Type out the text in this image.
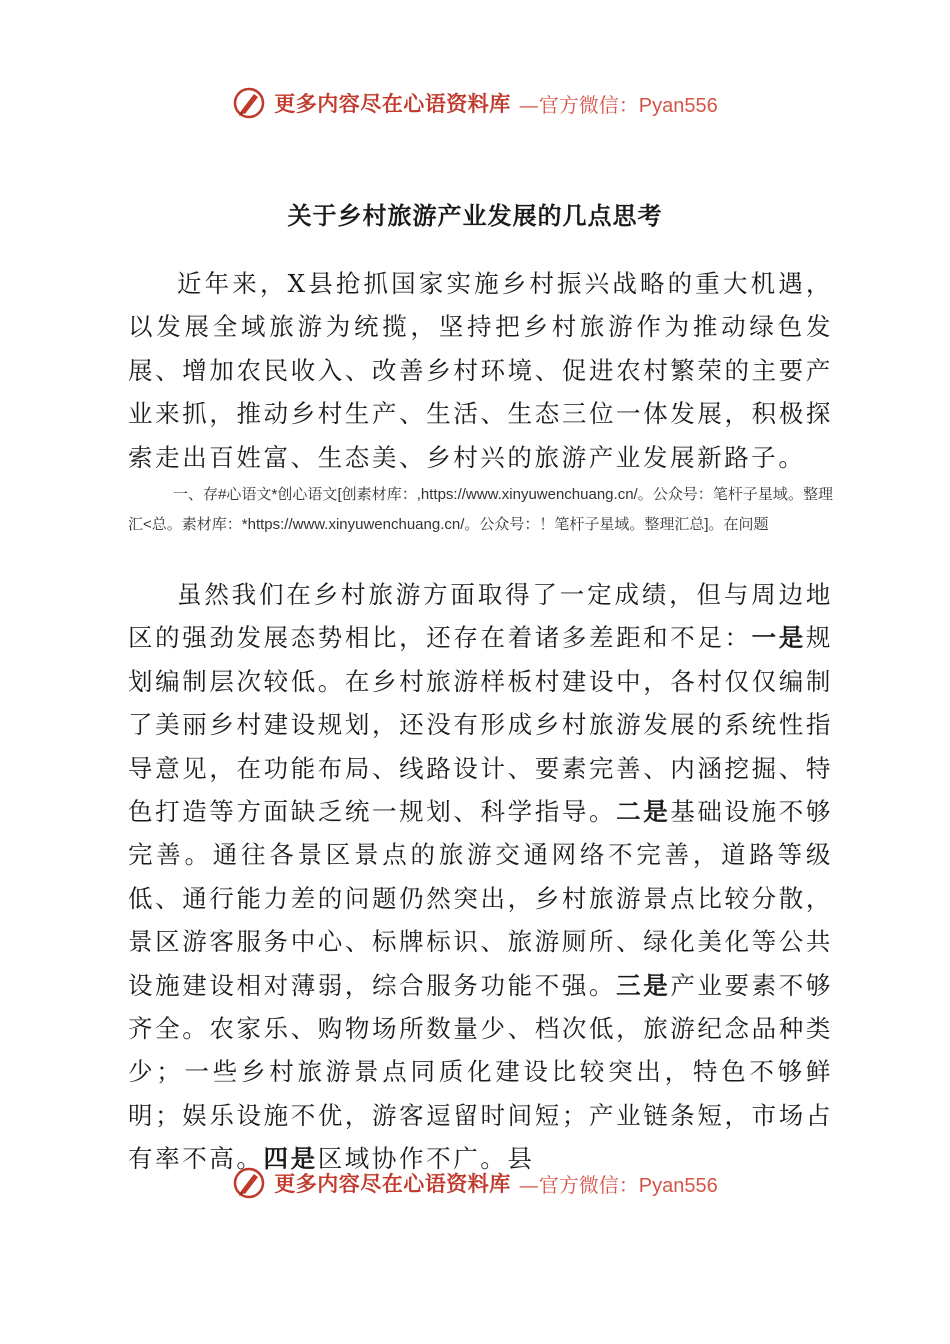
更多内容尽在心语资料库 —官方微信：Pyan556
关于乡村旅游产业发展的几点思考

近年来，X县抢抓国家实施乡村振兴战略的重大机遇，以发展全域旅游为统揽，坚持把乡村旅游作为推动绿色发展、增加农民收入、改善乡村环境、促进农村繁荣的主要产业来抓，推动乡村生产、生活、生态三位一体发展，积极探索走出百姓富、生态美、乡村兴的旅游产业发展新路子。

一、存#心语文*创心语文[创素材库：,https://www.xinyuwenchuang.cn/。公众号：笔杆子星域。整理汇<总。素材库：*https://www.xinyuwenchuang.cn/。公众号：！笔杆子星域。整理汇总]。在问题

虽然我们在乡村旅游方面取得了一定成绩，但与周边地区的强劲发展态势相比，还存在着诸多差距和不足：一是规划编制层次较低。在乡村旅游样板村建设中，各村仅仅编制了美丽乡村建设规划，还没有形成乡村旅游发展的系统性指导意见，在功能布局、线路设计、要素完善、内涵挖掘、特色打造等方面缺乏统一规划、科学指导。二是基础设施不够完善。通往各景区景点的旅游交通网络不完善，道路等级低、通行能力差的问题仍然突出，乡村旅游景点比较分散，景区游客服务中心、标牌标识、旅游厕所、绿化美化等公共设施建设相对薄弱，综合服务功能不强。三是产业要素不够齐全。农家乐、购物场所数量少、档次低，旅游纪念品种类少；一些乡村旅游景点同质化建设比较突出，特色不够鲜明；娱乐设施不优，游客逗留时间短；产业链条短，市场占有率不高。四是区域协作不广。县

更多内容尽在心语资料库 —官方微信：Pyan556
